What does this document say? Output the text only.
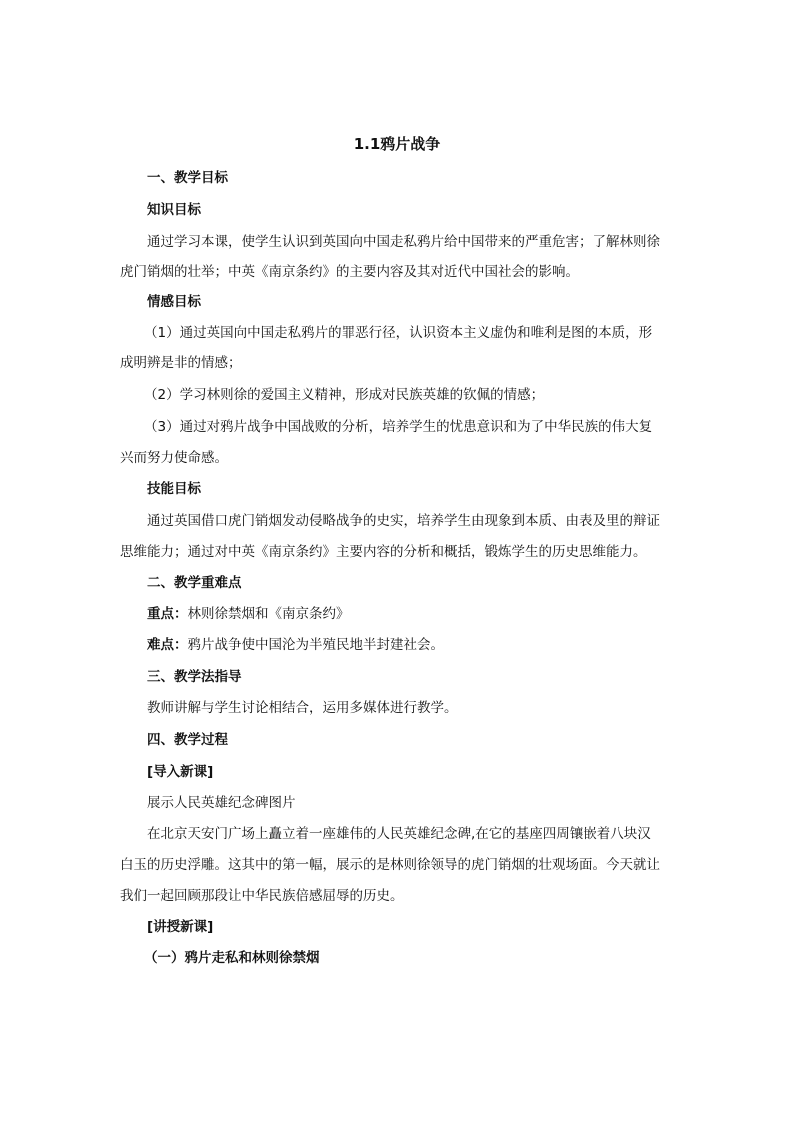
1.1鸦片战争
一、教学目标
知识目标
通过学习本课，使学生认识到英国向中国走私鸦片给中国带来的严重危害；了解林则徐
虎门销烟的壮举；中英《南京条约》的主要内容及其对近代中国社会的影响。
情感目标
（1）通过英国向中国走私鸦片的罪恶行径，认识资本主义虚伪和唯利是图的本质，形
成明辨是非的情感；
（2）学习林则徐的爱国主义精神，形成对民族英雄的钦佩的情感；
（3）通过对鸦片战争中国战败的分析，培养学生的忧患意识和为了中华民族的伟大复
兴而努力使命感。
技能目标
通过英国借口虎门销烟发动侵略战争的史实，培养学生由现象到本质、由表及里的辩证
思维能力；通过对中英《南京条约》主要内容的分析和概括，锻炼学生的历史思维能力。
二、教学重难点
重点：林则徐禁烟和《南京条约》
难点：鸦片战争使中国沦为半殖民地半封建社会。
三、教学法指导
教师讲解与学生讨论相结合，运用多媒体进行教学。
四、教学过程
[导入新课]
展示人民英雄纪念碑图片
在北京天安门广场上矗立着一座雄伟的人民英雄纪念碑,在它的基座四周镶嵌着八块汉
白玉的历史浮雕。这其中的第一幅，展示的是林则徐领导的虎门销烟的壮观场面。今天就让
我们一起回顾那段让中华民族倍感屈辱的历史。
[讲授新课]
（一）鸦片走私和林则徐禁烟
